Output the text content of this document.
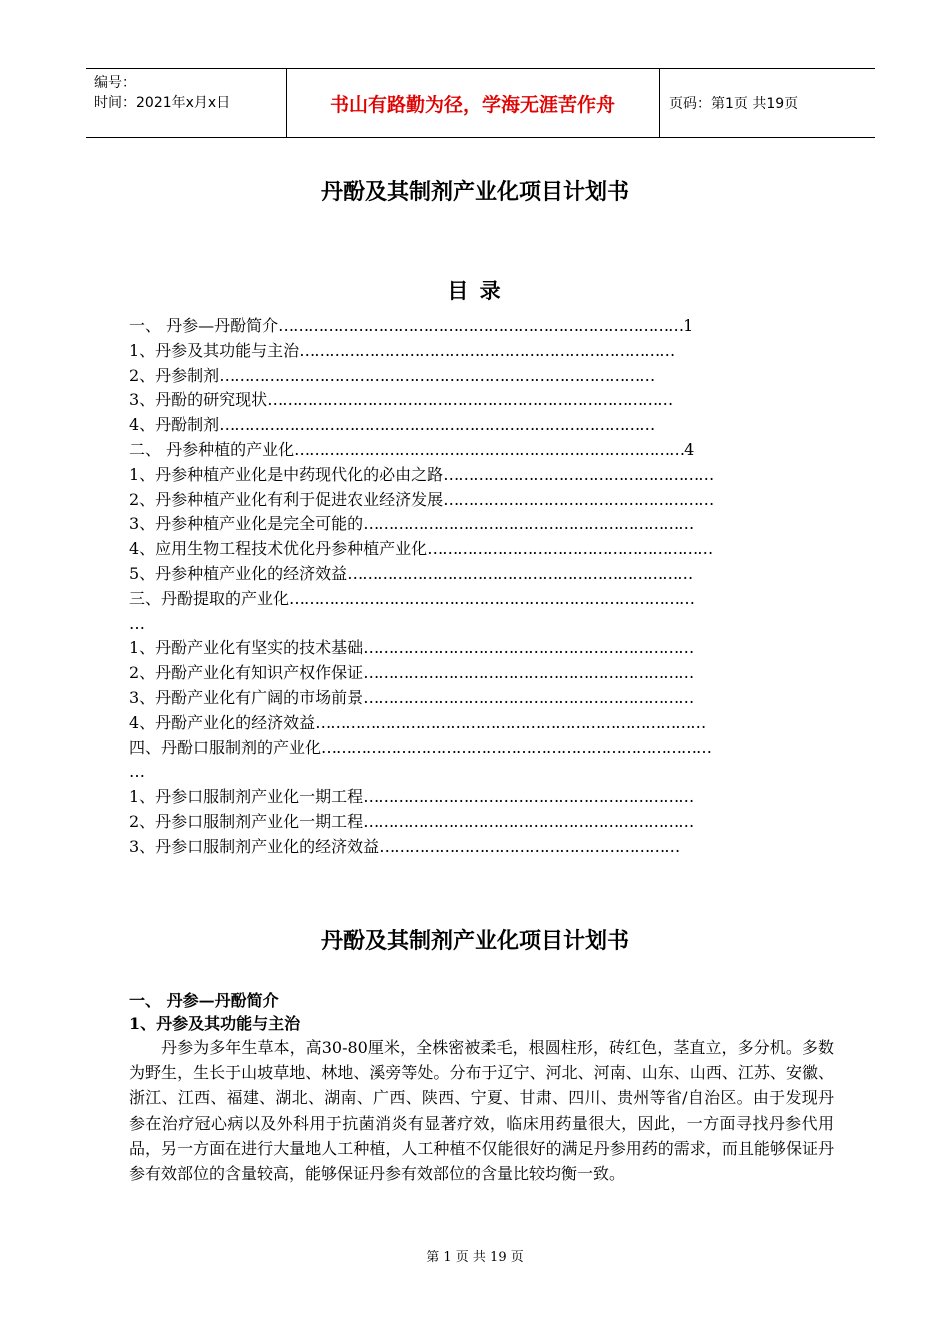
编号：
时间：2021年x月x日	书山有路勤为径，学海无涯苦作舟	页码：第1页 共19页
丹酚及其制剂产业化项目计划书
目 录
一、 丹参—丹酚简介………………………………………………………………………1
1、丹参及其功能与主治…………………………………………………………………
2、丹参制剂……………………………………………………………………………
3、丹酚的研究现状………………………………………………………………………
4、丹酚制剂……………………………………………………………………………
二、 丹参种植的产业化……………………………………………………………………4
1、丹参种植产业化是中药现代化的必由之路………………………………………………
2、丹参种植产业化有利于促进农业经济发展………………………………………………
3、丹参种植产业化是完全可能的…………………………………………………………
4、应用生物工程技术优化丹参种植产业化…………………………………………………
5、丹参种植产业化的经济效益……………………………………………………………
三、丹酚提取的产业化………………………………………………………………………
…
1、丹酚产业化有坚实的技术基础…………………………………………………………
2、丹酚产业化有知识产权作保证…………………………………………………………
3、丹酚产业化有广阔的市场前景…………………………………………………………
4、丹酚产业化的经济效益……………………………………………………………………
四、丹酚口服制剂的产业化……………………………………………………………………
…
1、丹参口服制剂产业化一期工程…………………………………………………………
2、丹参口服制剂产业化一期工程…………………………………………………………
3、丹参口服制剂产业化的经济效益……………………………………………………
丹酚及其制剂产业化项目计划书
一、 丹参—丹酚简介
1、丹参及其功能与主治
丹参为多年生草本，高30-80厘米，全株密被柔毛，根圆柱形，砖红色，茎直立，多分机。多数为野生，生长于山坡草地、林地、溪旁等处。分布于辽宁、河北、河南、山东、山西、江苏、安徽、浙江、江西、福建、湖北、湖南、广西、陕西、宁夏、甘肃、四川、贵州等省/自治区。由于发现丹参在治疗冠心病以及外科用于抗菌消炎有显著疗效，临床用药量很大，因此，一方面寻找丹参代用品，另一方面在进行大量地人工种植，人工种植不仅能很好的满足丹参用药的需求，而且能够保证丹参有效部位的含量较高，能够保证丹参有效部位的含量比较均衡一致。
第 1 页 共 19 页
